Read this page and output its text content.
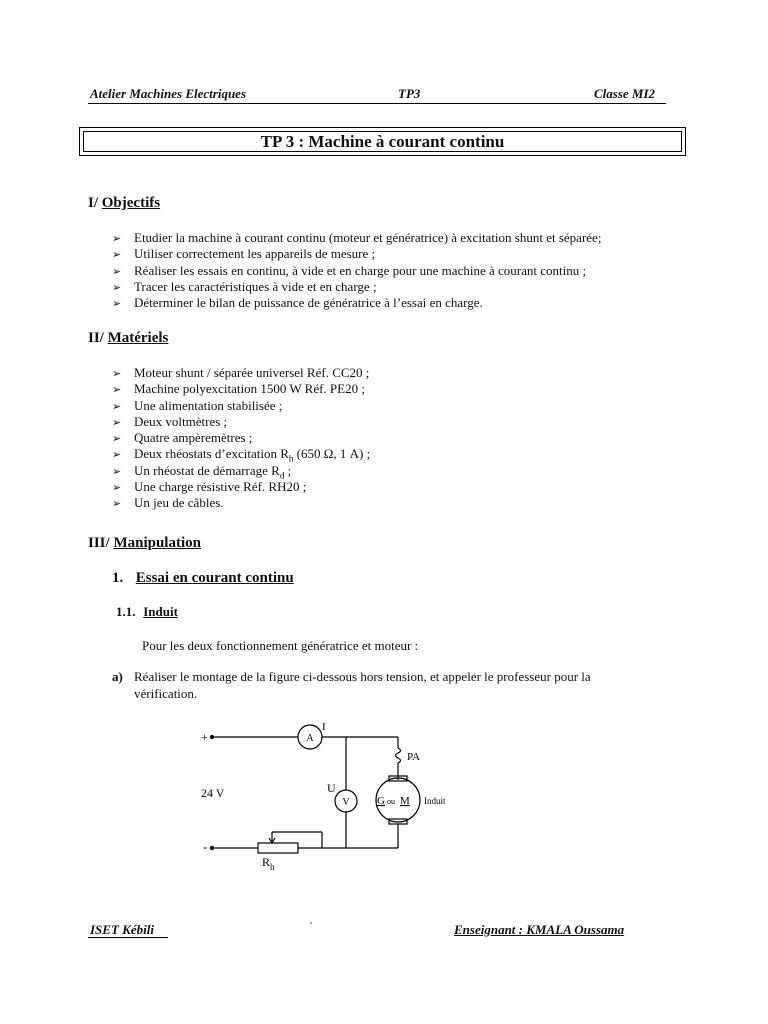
Atelier Machines Electriques	TP3	Classe MI2
TP 3 : Machine à courant continu
I/ Objectifs
➢ Etudier la machine à courant continu (moteur et génératrice) à excitation shunt et séparée;
➢ Utiliser correctement les appareils de mesure ;
➢ Réaliser les essais en continu, à vide et en charge pour une machine à courant continu ;
➢ Tracer les caractéristiques à vide et en charge ;
➢ Déterminer le bilan de puissance de génératrice à l’essai en charge.
II/ Matériels
➢ Moteur shunt / séparée universel Réf. CC20 ;
➢ Machine polyexcitation 1500 W Réf. PE20 ;
➢ Une alimentation stabilisée ;
➢ Deux voltmètres ;
➢ Quatre ampèremètres ;
➢ Deux rhéostats d’excitation $R_h$ (650 Ω, 1 A) ;
➢ Un rhéostat de démarrage $R_d$ ;
➢ Une charge résistive Réf. RH20 ;
➢ Un jeu de câbles.
III/ Manipulation
1. Essai en courant continu
1.1. Induit
Pour les deux fonctionnement génératrice et moteur :
a) Réaliser le montage de la figure ci-dessous hors tension, et appeler le professeur pour la
vérification.
+
-
24 V
A
I
V
U
PA
G ou M Induit
R h
ISET Kébili	'	Enseignant : KMALA Oussama
